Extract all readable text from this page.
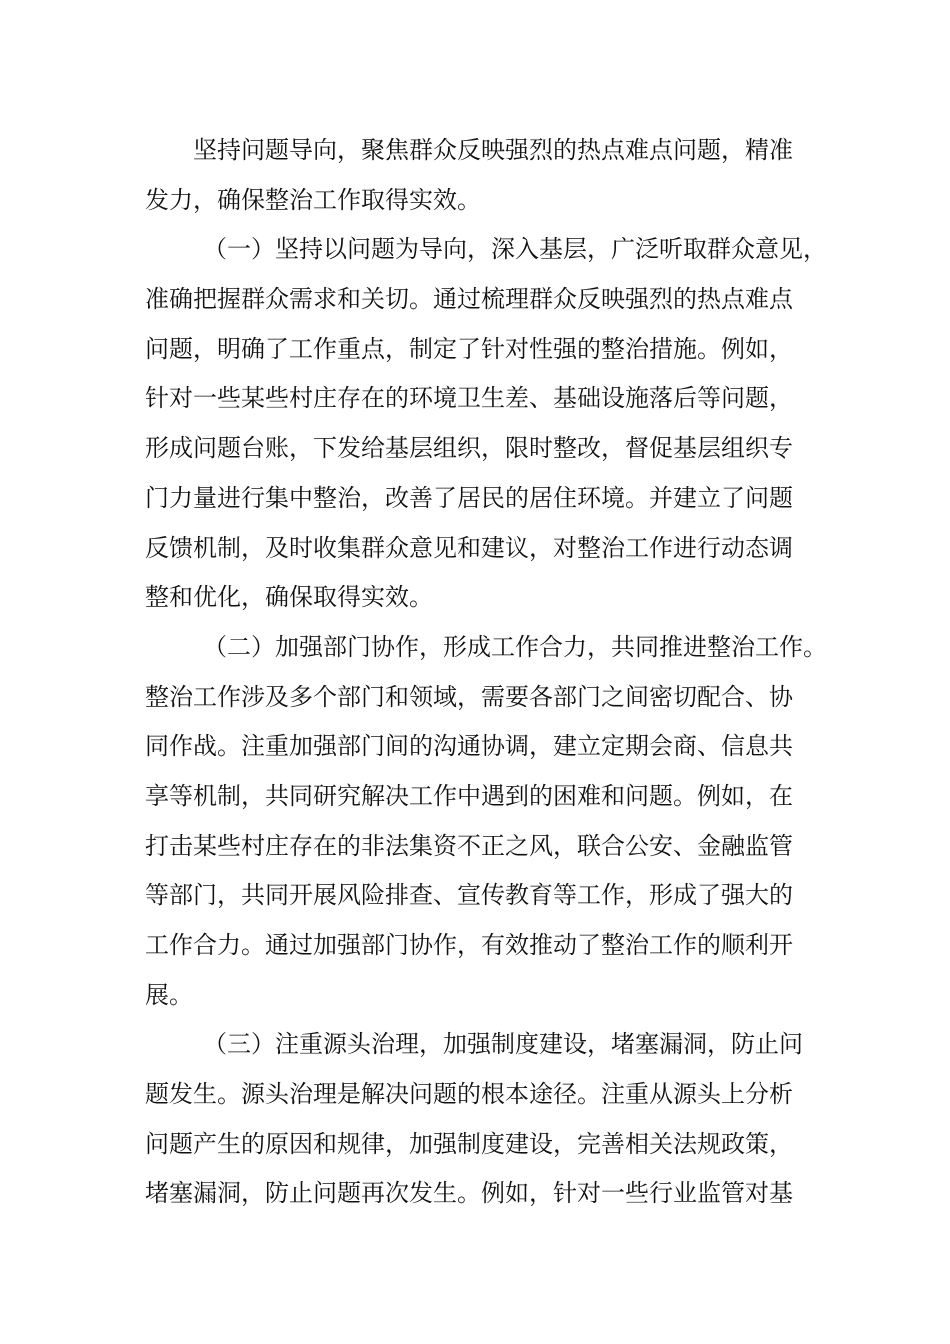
坚持问题导向，聚焦群众反映强烈的热点难点问题，精准
发力，确保整治工作取得实效。
（一）坚持以问题为导向，深入基层，广泛听取群众意见，
准确把握群众需求和关切。通过梳理群众反映强烈的热点难点
问题，明确了工作重点，制定了针对性强的整治措施。例如，
针对一些某些村庄存在的环境卫生差、基础设施落后等问题，
形成问题台账，下发给基层组织，限时整改，督促基层组织专
门力量进行集中整治，改善了居民的居住环境。并建立了问题
反馈机制，及时收集群众意见和建议，对整治工作进行动态调
整和优化，确保取得实效。
（二）加强部门协作，形成工作合力，共同推进整治工作。
整治工作涉及多个部门和领域，需要各部门之间密切配合、协
同作战。注重加强部门间的沟通协调，建立定期会商、信息共
享等机制，共同研究解决工作中遇到的困难和问题。例如，在
打击某些村庄存在的非法集资不正之风，联合公安、金融监管
等部门，共同开展风险排查、宣传教育等工作，形成了强大的
工作合力。通过加强部门协作，有效推动了整治工作的顺利开
展。
（三）注重源头治理，加强制度建设，堵塞漏洞，防止问
题发生。源头治理是解决问题的根本途径。注重从源头上分析
问题产生的原因和规律，加强制度建设，完善相关法规政策，
堵塞漏洞，防止问题再次发生。例如，针对一些行业监管对基
